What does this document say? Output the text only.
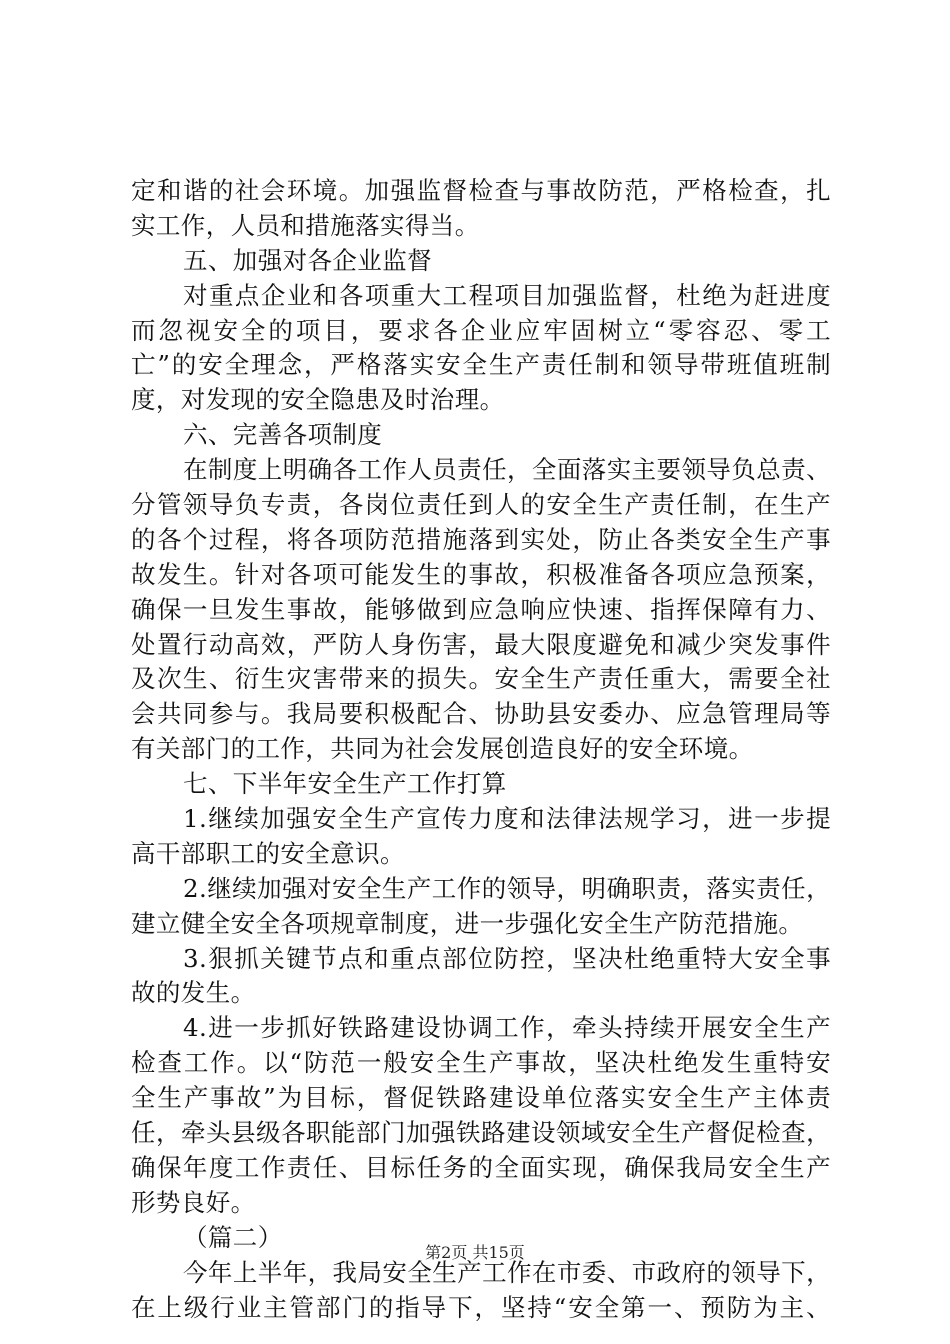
定和谐的社会环境。加强监督检查与事故防范，严格检查，扎
实工作，人员和措施落实得当。
五、加强对各企业监督
对重点企业和各项重大工程项目加强监督，杜绝为赶进度
而忽视安全的项目，要求各企业应牢固树立“零容忍、零工
亡”的安全理念，严格落实安全生产责任制和领导带班值班制
度，对发现的安全隐患及时治理。
六、完善各项制度
在制度上明确各工作人员责任，全面落实主要领导负总责、
分管领导负专责，各岗位责任到人的安全生产责任制，在生产
的各个过程，将各项防范措施落到实处，防止各类安全生产事
故发生。针对各项可能发生的事故，积极准备各项应急预案，
确保一旦发生事故，能够做到应急响应快速、指挥保障有力、
处置行动高效，严防人身伤害，最大限度避免和减少突发事件
及次生、衍生灾害带来的损失。安全生产责任重大，需要全社
会共同参与。我局要积极配合、协助县安委办、应急管理局等
有关部门的工作，共同为社会发展创造良好的安全环境。
七、下半年安全生产工作打算
1.继续加强安全生产宣传力度和法律法规学习，进一步提
高干部职工的安全意识。
2.继续加强对安全生产工作的领导，明确职责，落实责任，
建立健全安全各项规章制度，进一步强化安全生产防范措施。
3.狠抓关键节点和重点部位防控，坚决杜绝重特大安全事
故的发生。
4.进一步抓好铁路建设协调工作，牵头持续开展安全生产
检查工作。以“防范一般安全生产事故，坚决杜绝发生重特安
全生产事故”为目标，督促铁路建设单位落实安全生产主体责
任，牵头县级各职能部门加强铁路建设领域安全生产督促检查，
确保年度工作责任、目标任务的全面实现，确保我局安全生产
形势良好。
（篇二）
今年上半年，我局安全生产工作在市委、市政府的领导下，
在上级行业主管部门的指导下，坚持“安全第一、预防为主、
第2页 共15页
